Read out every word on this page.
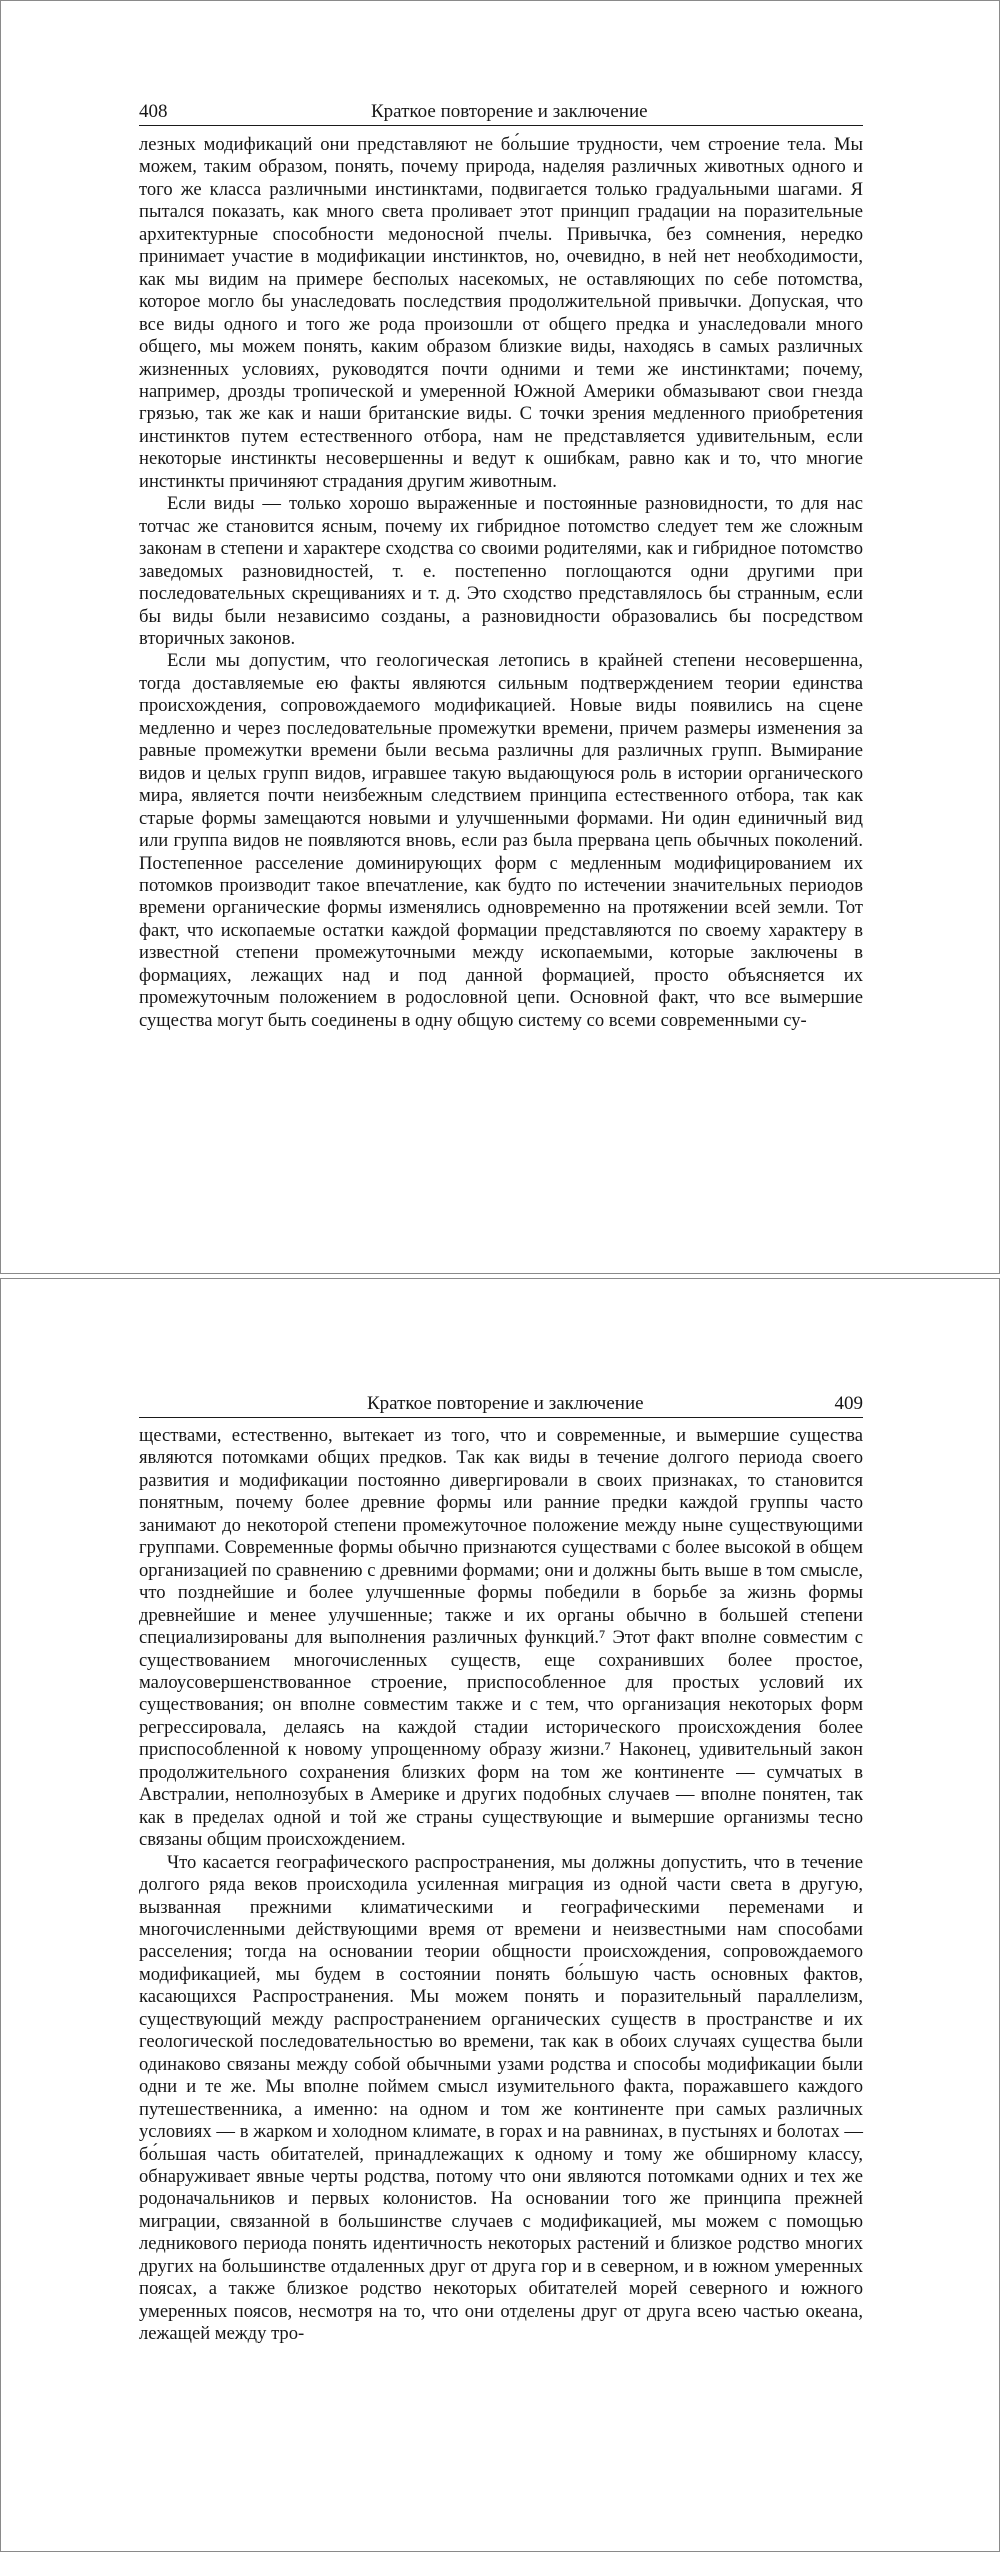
408	Краткое повторение и заключение

лезных модификаций они представляют не бо́льшие трудности, чем строение тела. Мы можем, таким образом, понять, почему природа, наделяя различных животных одного и того же класса различными инстинктами, подвигается только градуальными шагами. Я пытался показать, как много света проливает этот принцип градации на поразительные архитектурные способности медоносной пчелы. Привычка, без сомнения, нередко принимает участие в модификации инстинктов, но, очевидно, в ней нет необходимости, как мы видим на примере бесполых насекомых, не оставляющих по себе потомства, которое могло бы унаследовать последствия продолжительной привычки. Допуская, что все виды одного и того же рода произошли от общего предка и унаследовали много общего, мы можем понять, каким образом близкие виды, находясь в самых различных жизненных условиях, руководятся почти одними и теми же инстинктами; почему, например, дрозды тропической и умеренной Южной Америки обмазывают свои гнезда грязью, так же как и наши британские виды. С точки зрения медленного приобретения инстинктов путем естественного отбора, нам не представляется удивительным, если некоторые инстинкты несовершенны и ведут к ошибкам, равно как и то, что многие инстинкты причиняют страдания другим животным.

Если виды — только хорошо выраженные и постоянные разновидности, то для нас тотчас же становится ясным, почему их гибридное потомство следует тем же сложным законам в степени и характере сходства со своими родителями, как и гибридное потомство заведомых разновидностей, т. е. постепенно поглощаются одни другими при последовательных скрещиваниях и т. д. Это сходство представлялось бы странным, если бы виды были независимо созданы, а разновидности образовались бы посредством вторичных законов.

Если мы допустим, что геологическая летопись в крайней степени несовершенна, тогда доставляемые ею факты являются сильным подтверждением теории единства происхождения, сопровождаемого модификацией. Новые виды появились на сцене медленно и через последовательные промежутки времени, причем размеры изменения за равные промежутки времени были весьма различны для различных групп. Вымирание видов и целых групп видов, игравшее такую выдающуюся роль в истории органического мира, является почти неизбежным следствием принципа естественного отбора, так как старые формы замещаются новыми и улучшенными формами. Ни один единичный вид или группа видов не появляются вновь, если раз была прервана цепь обычных поколений. Постепенное расселение доминирующих форм с медленным модифицированием их потомков производит такое впечатление, как будто по истечении значительных периодов времени органические формы изменялись одновременно на протяжении всей земли. Тот факт, что ископаемые остатки каждой формации представляются по своему характеру в известной степени промежуточными между ископаемыми, которые заключены в формациях, лежащих над и под данной формацией, просто объясняется их промежуточным положением в родословной цепи. Основной факт, что все вымершие существа могут быть соединены в одну общую систему со всеми современными су-

Краткое повторение и заключение	409

ществами, естественно, вытекает из того, что и современные, и вымершие существа являются потомками общих предков. Так как виды в течение долгого периода своего развития и модификации постоянно дивергировали в своих признаках, то становится понятным, почему более древние формы или ранние предки каждой группы часто занимают до некоторой степени промежуточное положение между ныне существующими группами. Современные формы обычно признаются существами с более высокой в общем организацией по сравнению с древними формами; они и должны быть выше в том смысле, что позднейшие и более улучшенные формы победили в борьбе за жизнь формы древнейшие и менее улучшенные; также и их органы обычно в большей степени специализированы для выполнения различных функций.⁷ Этот факт вполне совместим с существованием многочисленных существ, еще сохранивших более простое, малоусовершенствованное строение, приспособленное для простых условий их существования; он вполне совместим также и с тем, что организация некоторых форм регрессировала, делаясь на каждой стадии исторического происхождения более приспособленной к новому упрощенному образу жизни.⁷ Наконец, удивительный закон продолжительного сохранения близких форм на том же континенте — сумчатых в Австралии, неполнозубых в Америке и других подобных случаев — вполне понятен, так как в пределах одной и той же страны существующие и вымершие организмы тесно связаны общим происхождением.

Что касается географического распространения, мы должны допустить, что в течение долгого ряда веков происходила усиленная миграция из одной части света в другую, вызванная прежними климатическими и географическими переменами и многочисленными действующими время от времени и неизвестными нам способами расселения; тогда на основании теории общности происхождения, сопровождаемого модификацией, мы будем в состоянии понять бо́льшую часть основных фактов, касающихся Распространения. Мы можем понять и поразительный параллелизм, существующий между распространением органических существ в пространстве и их геологической последовательностью во времени, так как в обоих случаях существа были одинаково связаны между собой обычными узами родства и способы модификации были одни и те же. Мы вполне поймем смысл изумительного факта, поражавшего каждого путешественника, а именно: на одном и том же континенте при самых различных условиях — в жарком и холодном климате, в горах и на равнинах, в пустынях и болотах — бо́льшая часть обитателей, принадлежащих к одному и тому же обширному классу, обнаруживает явные черты родства, потому что они являются потомками одних и тех же родоначальников и первых колонистов. На основании того же принципа прежней миграции, связанной в большинстве случаев с модификацией, мы можем с помощью ледникового периода понять идентичность некоторых растений и близкое родство многих других на большинстве отдаленных друг от друга гор и в северном, и в южном умеренных поясах, а также близкое родство некоторых обитателей морей северного и южного умеренных поясов, несмотря на то, что они отделены друг от друга всею частью океана, лежащей между тро-
